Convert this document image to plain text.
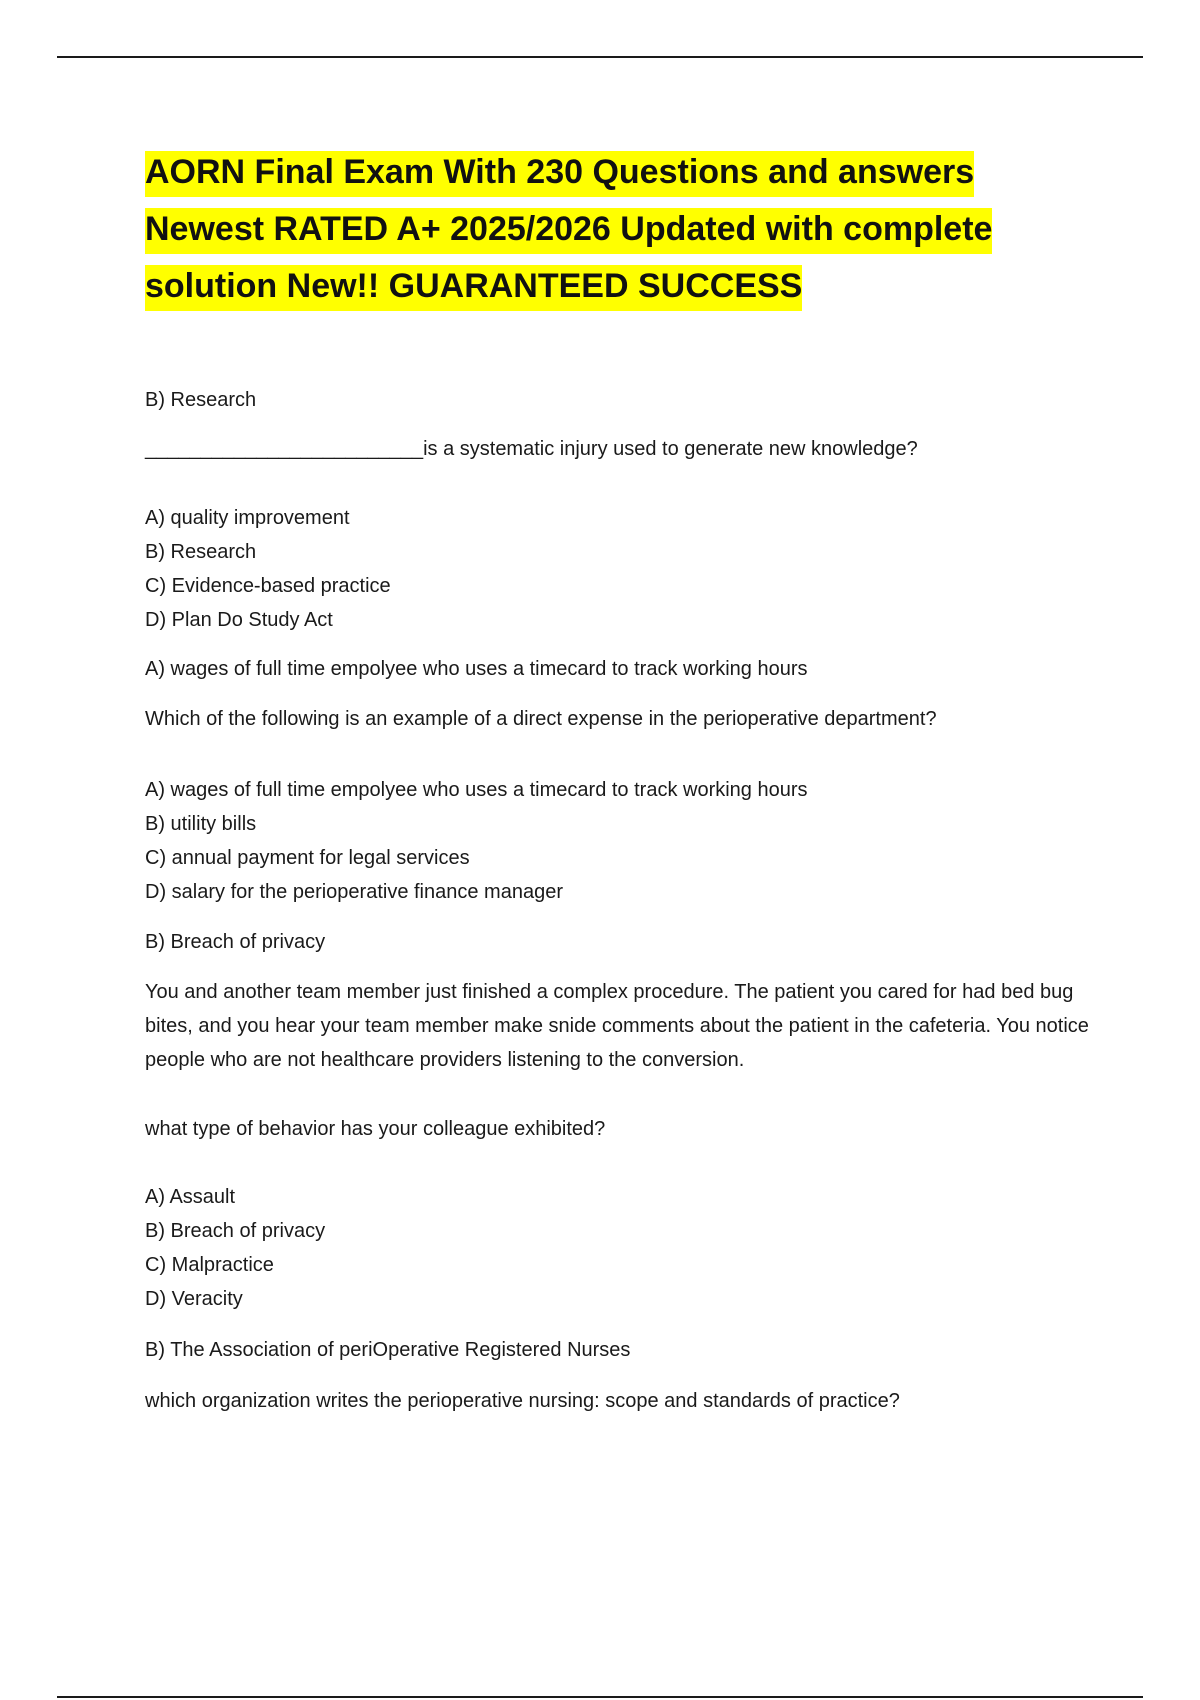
AORN Final Exam With 230 Questions and answers Newest RATED A+ 2025/2026 Updated with complete solution New!! GUARANTEED SUCCESS

B) Research

_________________________is a systematic injury used to generate new knowledge?

A) quality improvement

B) Research

C) Evidence-based practice

D) Plan Do Study Act

A) wages of full time empolyee who uses a timecard to track working hours

Which of the following is an example of a direct expense in the perioperative department?

A) wages of full time empolyee who uses a timecard to track working hours

B) utility bills

C) annual payment for legal services

D) salary for the perioperative finance manager

B) Breach of privacy

You and another team member just finished a complex procedure. The patient you cared for had bed bug bites, and you hear your team member make snide comments about the patient in the cafeteria. You notice people who are not healthcare providers listening to the conversion.

what type of behavior has your colleague exhibited?

A) Assault

B) Breach of privacy

C) Malpractice

D) Veracity

B) The Association of periOperative Registered Nurses

which organization writes the perioperative nursing: scope and standards of practice?
